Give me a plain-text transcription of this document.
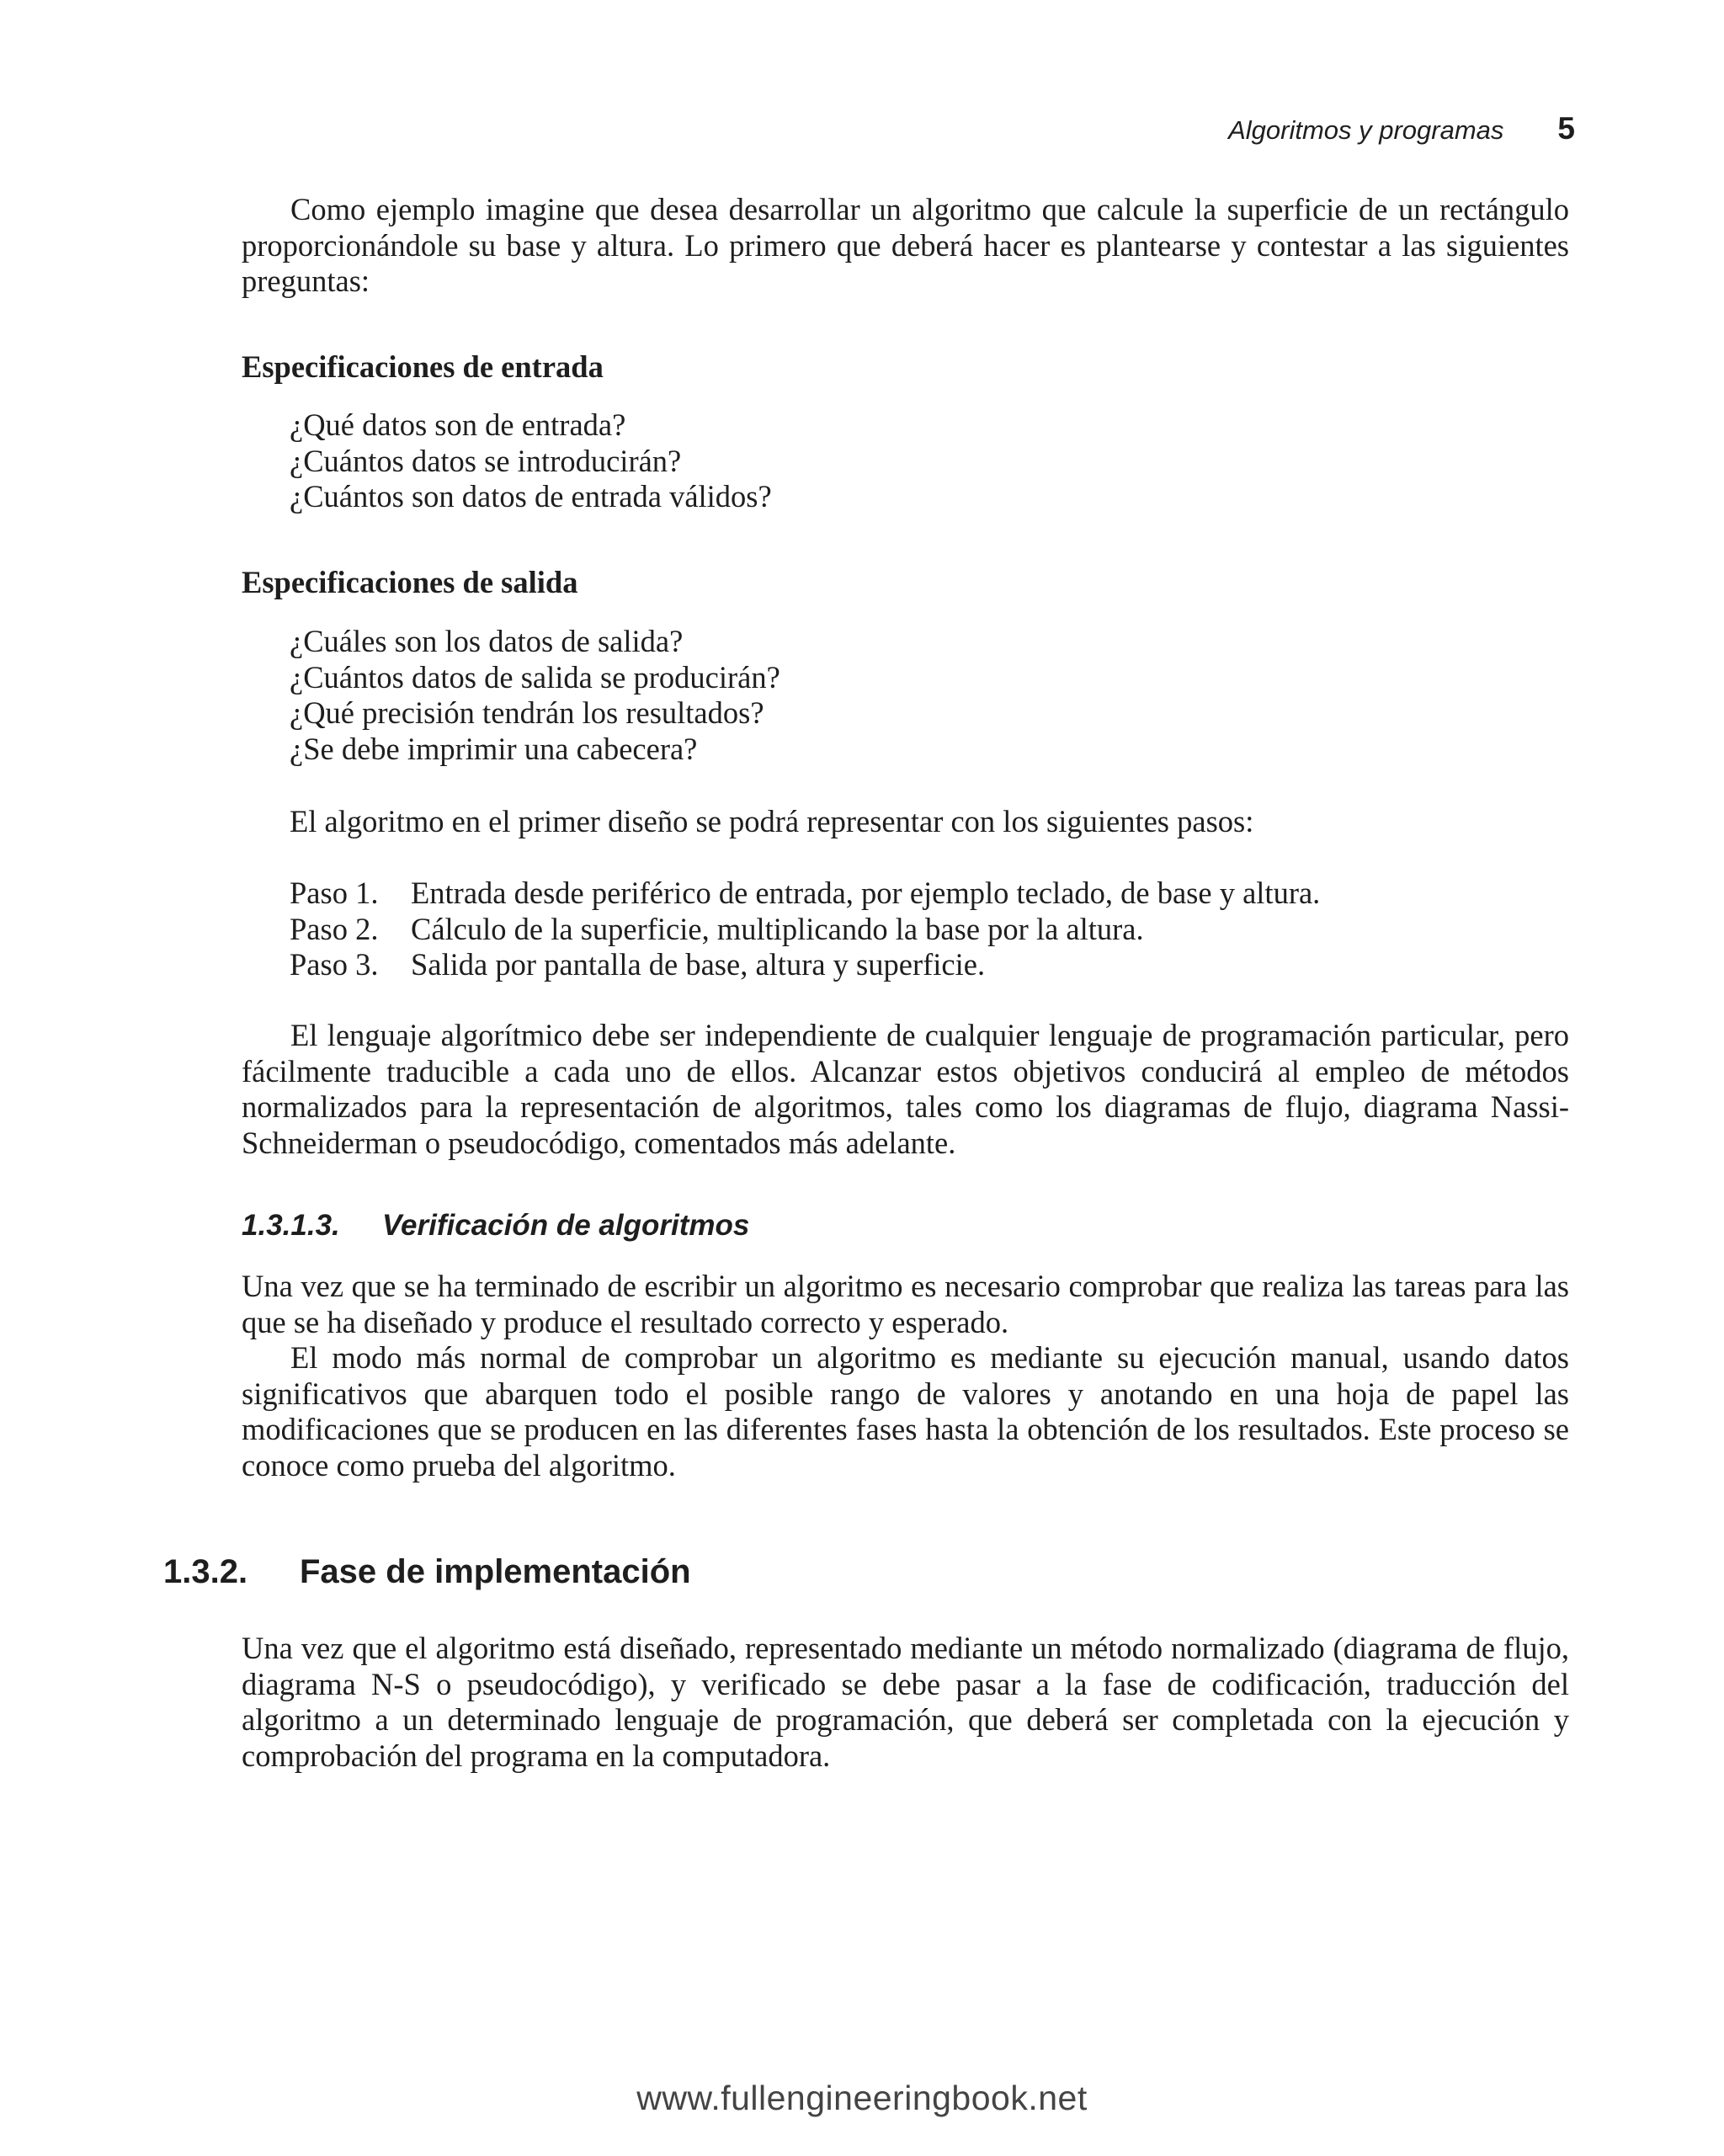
Algoritmos y programas 5

Como ejemplo imagine que desea desarrollar un algoritmo que calcule la superficie de un rectángulo proporcionándole su base y altura. Lo primero que deberá hacer es plantearse y contestar a las siguientes preguntas:

Especificaciones de entrada
¿Qué datos son de entrada?
¿Cuántos datos se introducirán?
¿Cuántos son datos de entrada válidos?
Especificaciones de salida
¿Cuáles son los datos de salida?
¿Cuántos datos de salida se producirán?
¿Qué precisión tendrán los resultados?
¿Se debe imprimir una cabecera?
El algoritmo en el primer diseño se podrá representar con los siguientes pasos:
Paso 1.	Entrada desde periférico de entrada, por ejemplo teclado, de base y altura.
Paso 2.	Cálculo de la superficie, multiplicando la base por la altura.
Paso 3.	Salida por pantalla de base, altura y superficie.

El lenguaje algorítmico debe ser independiente de cualquier lenguaje de programación particular, pero fácilmente traducible a cada uno de ellos. Alcanzar estos objetivos conducirá al empleo de métodos normalizados para la representación de algoritmos, tales como los diagramas de flujo, diagrama Nassi-Schneiderman o pseudocódigo, comentados más adelante.

1.3.1.3.	Verificación de algoritmos

Una vez que se ha terminado de escribir un algoritmo es necesario comprobar que realiza las tareas para las que se ha diseñado y produce el resultado correcto y esperado.

El modo más normal de comprobar un algoritmo es mediante su ejecución manual, usando datos significativos que abarquen todo el posible rango de valores y anotando en una hoja de papel las modificaciones que se producen en las diferentes fases hasta la obtención de los resultados. Este proceso se conoce como prueba del algoritmo.

1.3.2.	Fase de implementación

Una vez que el algoritmo está diseñado, representado mediante un método normalizado (diagrama de flujo, diagrama N-S o pseudocódigo), y verificado se debe pasar a la fase de codificación, traducción del algoritmo a un determinado lenguaje de programación, que deberá ser completada con la ejecución y comprobación del programa en la computadora.

www.fullengineeringbook.net
